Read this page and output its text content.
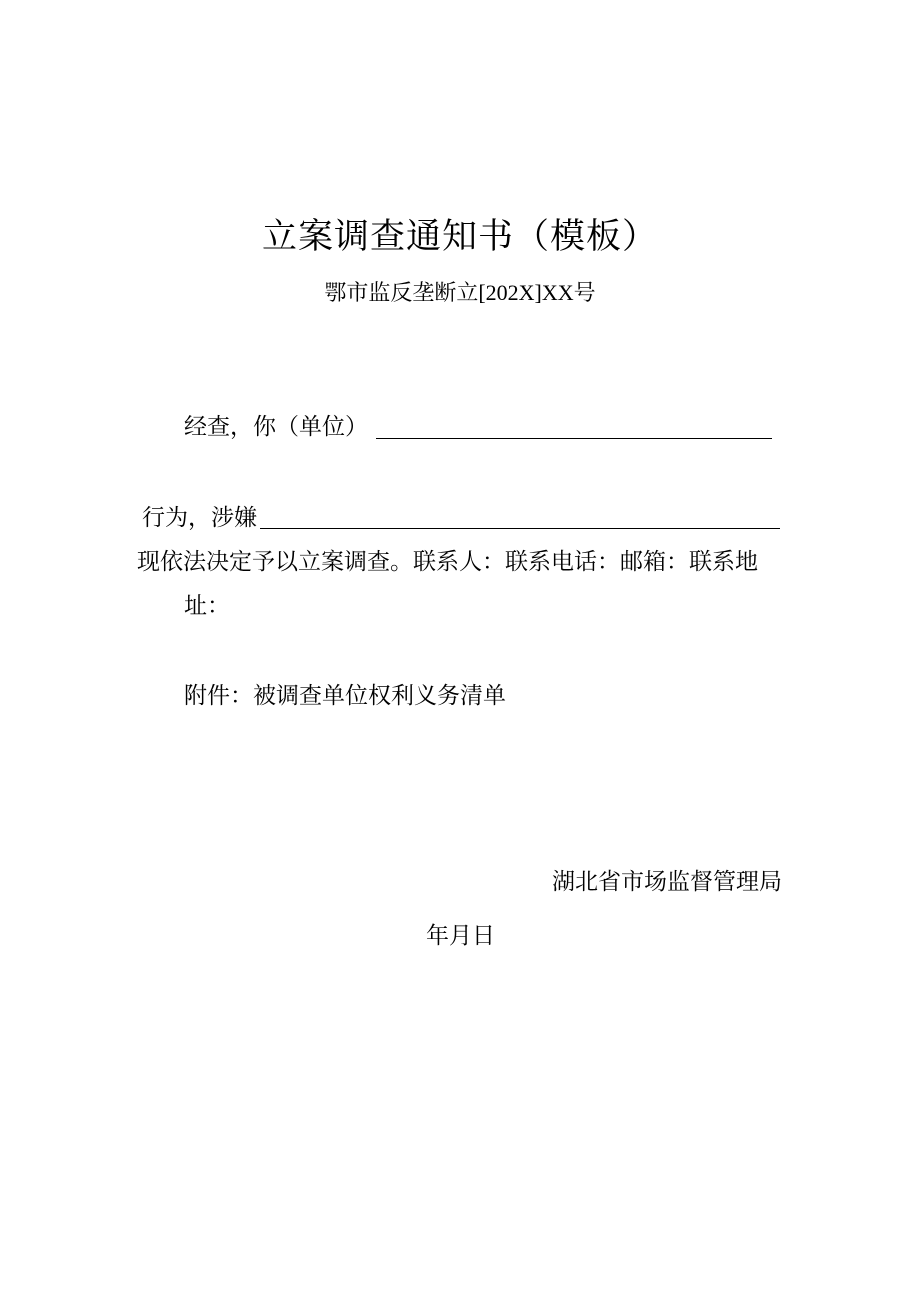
立案调查通知书（模板）
鄂市监反垄断立[202X]XX号
经查，你（单位）
行为，涉嫌
现依法决定予以立案调查。联系人：联系电话：邮箱：联系地
址：
附件：被调查单位权利义务清单
湖北省市场监督管理局
年月日
